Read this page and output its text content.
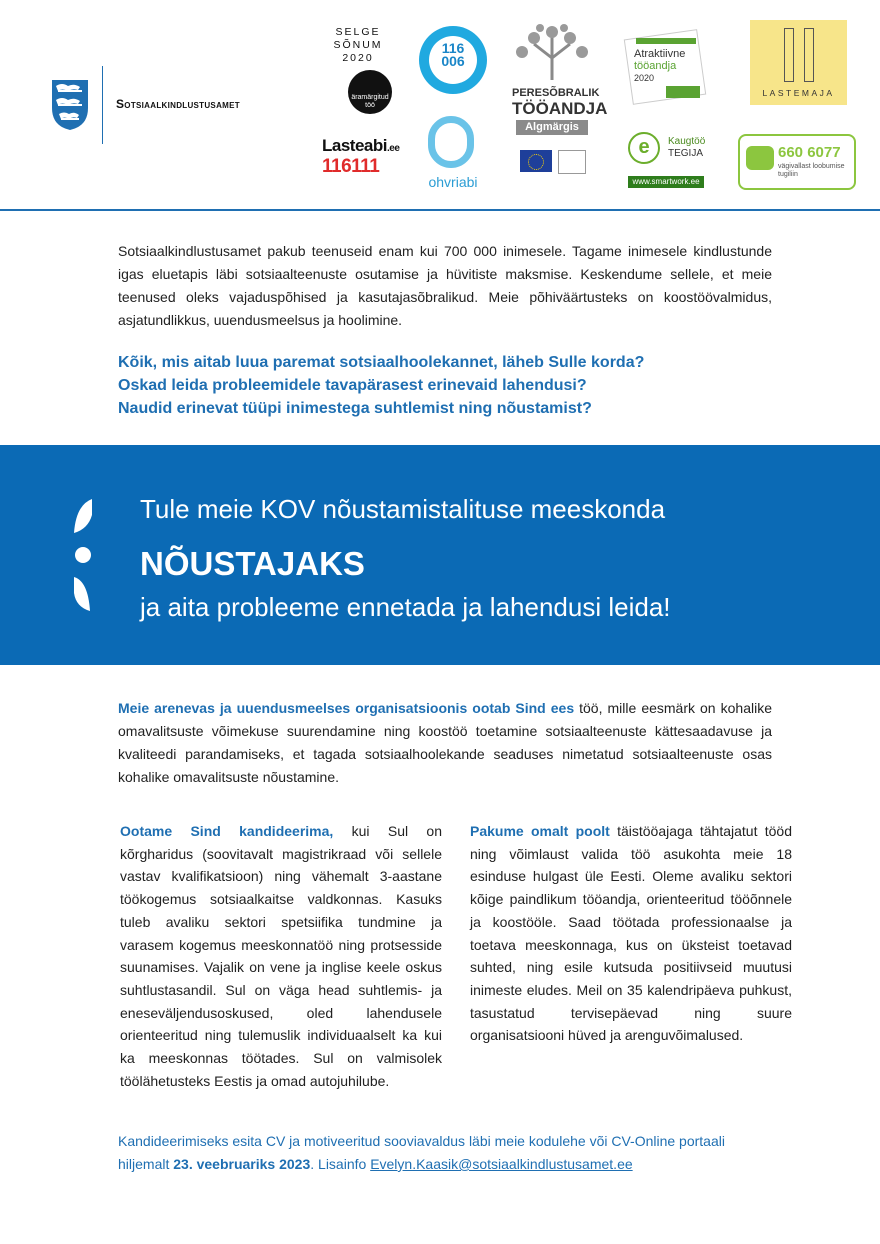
Sotsiaalkindlustusamet
SELGE
SÕNUM
2020
äramärgitud
töö
116
006
palunabi.ee
PERESÕBRALIK
TÖÖANDJA
Algmärgis
Atraktiivne
tööandja
2020
LASTEMAJA
Lasteabi.ee
116111
ohvriabi
e	Kaugtöö
TEGIJA
www.smartwork.ee
660 6077
vägivallast loobumise
tugiliin
Sotsiaalkindlustusamet pakub teenuseid enam kui 700 000 inimesele. Tagame inimesele kindlustunde igas eluetapis läbi sotsiaalteenuste osutamise ja hüvitiste maksmise. Keskendume sellele, et meie teenused oleks vajaduspõhised ja kasutajasõbralikud. Meie põhiväärtusteks on koostöövalmidus, asjatundlikkus, uuendusmeelsus ja hoolimine.
Kõik, mis aitab luua paremat sotsiaalhoolekannet, läheb Sulle korda?
Oskad leida probleemidele tavapärasest erinevaid lahendusi?
Naudid erinevat tüüpi inimestega suhtlemist ning nõustamist?
Tule meie KOV nõustamistalituse meeskonda
NÕUSTAJAKS
ja aita probleeme ennetada ja lahendusi leida!
Meie arenevas ja uuendusmeelses organisatsioonis ootab Sind ees töö, mille eesmärk on kohalike omavalitsuste võimekuse suurendamine ning koostöö toetamine sotsiaalteenuste kättesaadavuse ja kvaliteedi parandamiseks, et tagada sotsiaalhoolekande seaduses nimetatud sotsiaalteenuste osas kohalike omavalitsuste nõustamine.
Ootame Sind kandideerima, kui Sul on kõrgharidus (soovitavalt magistrikraad või sellele vastav kvalifikatsioon) ning vähemalt 3-aastane töökogemus sotsiaalkaitse valdkonnas. Kasuks tuleb avaliku sektori spetsiifika tundmine ja varasem kogemus meeskonnatöö ning protsesside suunamises. Vajalik on vene ja inglise keele oskus suhtlustasandil. Sul on väga head suhtlemis- ja eneseväljendusoskused, oled lahendusele orienteeritud ning tulemuslik individuaalselt ka kui ka meeskonnas töötades. Sul on valmisolek töölähetusteks Eestis ja omad autojuhilube.
Pakume omalt poolt täistööajaga tähtajatut tööd ning võimlaust valida töö asukohta meie 18 esinduse hulgast üle Eesti. Oleme avaliku sektori kõige paindlikum tööandja, orienteeritud tööõnnele ja koostööle. Saad töötada professionaalse ja toetava meeskonnaga, kus on üksteist toetavad suhted, ning esile kutsuda positiivseid muutusi inimeste eludes. Meil on 35 kalendripäeva puhkust, tasustatud tervisepäevad ning suure organisatsiooni hüved ja arenguvõimalused.
Kandideerimiseks esita CV ja motiveeritud sooviavaldus läbi meie kodulehe või CV-Online portaali hiljemalt 23. veebruariks 2023. Lisainfo Evelyn.Kaasik@sotsiaalkindlustusamet.ee
